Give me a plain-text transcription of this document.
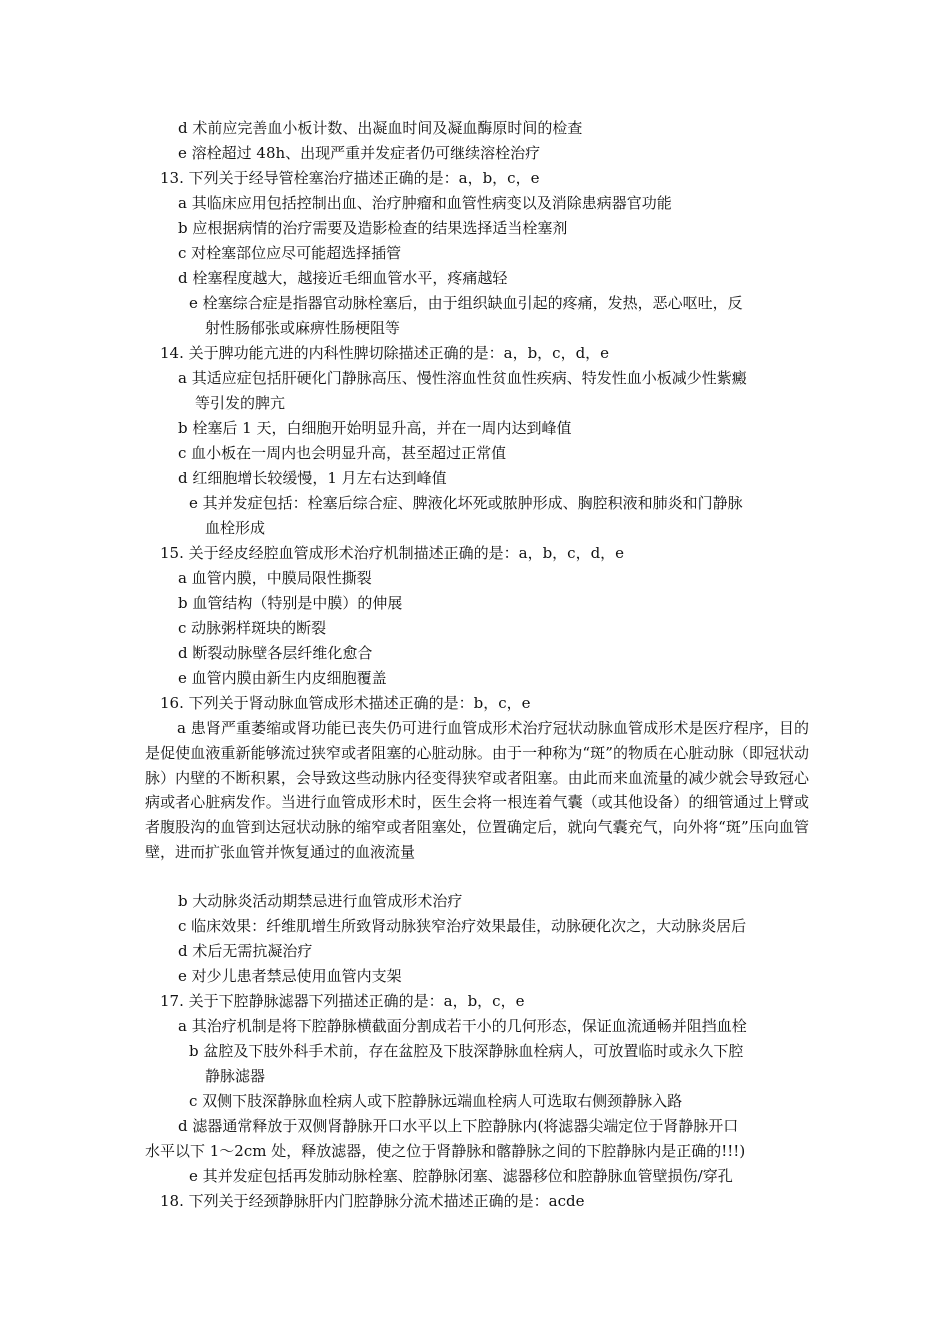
d 术前应完善血小板计数、出凝血时间及凝血酶原时间的检查
e 溶栓超过 48h、出现严重并发症者仍可继续溶栓治疗
13. 下列关于经导管栓塞治疗描述正确的是：a，b，c，e
a 其临床应用包括控制出血、治疗肿瘤和血管性病变以及消除患病器官功能
b 应根据病情的治疗需要及造影检查的结果选择适当栓塞剂
c 对栓塞部位应尽可能超选择插管
d 栓塞程度越大，越接近毛细血管水平，疼痛越轻
e 栓塞综合症是指器官动脉栓塞后，由于组织缺血引起的疼痛，发热，恶心呕吐，反
射性肠郁张或麻痹性肠梗阻等
14. 关于脾功能亢进的内科性脾切除描述正确的是：a，b，c，d，e
a 其适应症包括肝硬化门静脉高压、慢性溶血性贫血性疾病、特发性血小板减少性紫癜
等引发的脾亢
b 栓塞后 1 天，白细胞开始明显升高，并在一周内达到峰值
c 血小板在一周内也会明显升高，甚至超过正常值
d 红细胞增长较缓慢，1 月左右达到峰值
e 其并发症包括：栓塞后综合症、脾液化坏死或脓肿形成、胸腔积液和肺炎和门静脉
血栓形成
15. 关于经皮经腔血管成形术治疗机制描述正确的是：a，b，c，d，e
a 血管内膜，中膜局限性撕裂
b 血管结构（特别是中膜）的伸展
c 动脉粥样斑块的断裂
d 断裂动脉壁各层纤维化愈合
e 血管内膜由新生内皮细胞覆盖
16. 下列关于肾动脉血管成形术描述正确的是：b，c，e
a 患肾严重萎缩或肾功能已丧失仍可进行血管成形术治疗冠状动脉血管成形术是医疗程序，目的是促使血液重新能够流过狭窄或者阻塞的心脏动脉。由于一种称为“斑”的物质在心脏动脉（即冠状动脉）内壁的不断积累，会导致这些动脉内径变得狭窄或者阻塞。由此而来血流量的减少就会导致冠心病或者心脏病发作。当进行血管成形术时，医生会将一根连着气囊（或其他设备）的细管通过上臂或者腹股沟的血管到达冠状动脉的缩窄或者阻塞处，位置确定后，就向气囊充气，向外将“斑”压向血管壁，进而扩张血管并恢复通过的血液流量
b 大动脉炎活动期禁忌进行血管成形术治疗
c 临床效果：纤维肌增生所致肾动脉狭窄治疗效果最佳，动脉硬化次之，大动脉炎居后
d 术后无需抗凝治疗
e 对少儿患者禁忌使用血管内支架
17. 关于下腔静脉滤器下列描述正确的是：a，b，c，e
a 其治疗机制是将下腔静脉横截面分割成若干小的几何形态，保证血流通畅并阻挡血栓
b 盆腔及下肢外科手术前，存在盆腔及下肢深静脉血栓病人，可放置临时或永久下腔
静脉滤器
c 双侧下肢深静脉血栓病人或下腔静脉远端血栓病人可选取右侧颈静脉入路
d 滤器通常释放于双侧肾静脉开口水平以上下腔静脉内(将滤器尖端定位于肾静脉开口
水平以下 1～2cm 处，释放滤器，使之位于肾静脉和髂静脉之间的下腔静脉内是正确的!!!)
e 其并发症包括再发肺动脉栓塞、腔静脉闭塞、滤器移位和腔静脉血管壁损伤/穿孔
18. 下列关于经颈静脉肝内门腔静脉分流术描述正确的是：acde
